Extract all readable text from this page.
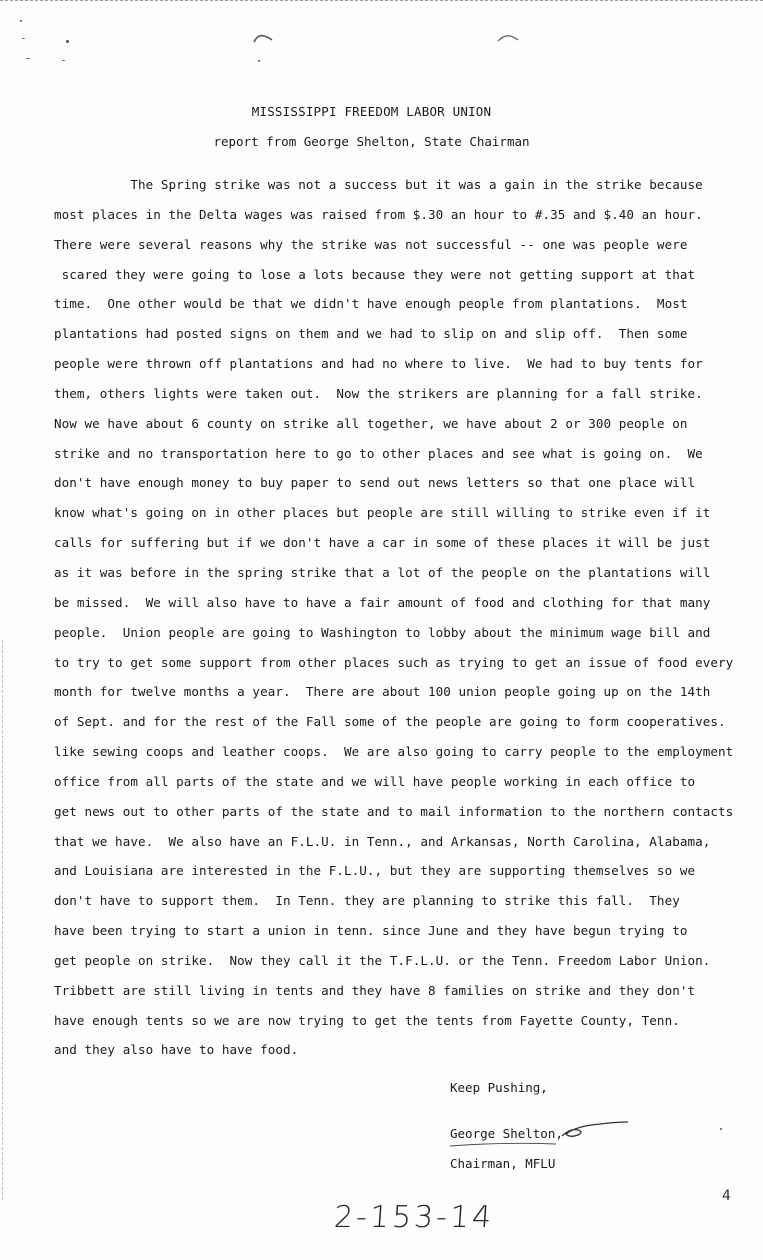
MISSISSIPPI FREEDOM LABOR UNION
report from George Shelton, State Chairman
The Spring strike was not a success but it was a gain in the strike because
most places in the Delta wages was raised from $.30 an hour to #.35 and $.40 an hour.
There were several reasons why the strike was not successful -- one was people were
scared they were going to lose a lots because they were not getting support at that
time.  One other would be that we didn't have enough people from plantations.  Most
plantations had posted signs on them and we had to slip on and slip off.  Then some
people were thrown off plantations and had no where to live.  We had to buy tents for
them, others lights were taken out.  Now the strikers are planning for a fall strike.
Now we have about 6 county on strike all together, we have about 2 or 300 people on
strike and no transportation here to go to other places and see what is going on.  We
don't have enough money to buy paper to send out news letters so that one place will
know what's going on in other places but people are still willing to strike even if it
calls for suffering but if we don't have a car in some of these places it will be just
as it was before in the spring strike that a lot of the people on the plantations will
be missed.  We will also have to have a fair amount of food and clothing for that many
people.  Union people are going to Washington to lobby about the minimum wage bill and
to try to get some support from other places such as trying to get an issue of food every
month for twelve months a year.  There are about 100 union people going up on the 14th
of Sept. and for the rest of the Fall some of the people are going to form cooperatives.
like sewing coops and leather coops.  We are also going to carry people to the employment
office from all parts of the state and we will have people working in each office to
get news out to other parts of the state and to mail information to the northern contacts
that we have.  We also have an F.L.U. in Tenn., and Arkansas, North Carolina, Alabama,
and Louisiana are interested in the F.L.U., but they are supporting themselves so we
don't have to support them.  In Tenn. they are planning to strike this fall.  They
have been trying to start a union in tenn. since June and they have begun trying to
get people on strike.  Now they call it the T.F.L.U. or the Tenn. Freedom Labor Union.
Tribbett are still living in tents and they have 8 families on strike and they don't
have enough tents so we are now trying to get the tents from Fayette County, Tenn.
and they also have to have food.
Keep Pushing,
George Shelton,
Chairman, MFLU
2-153-14
4
